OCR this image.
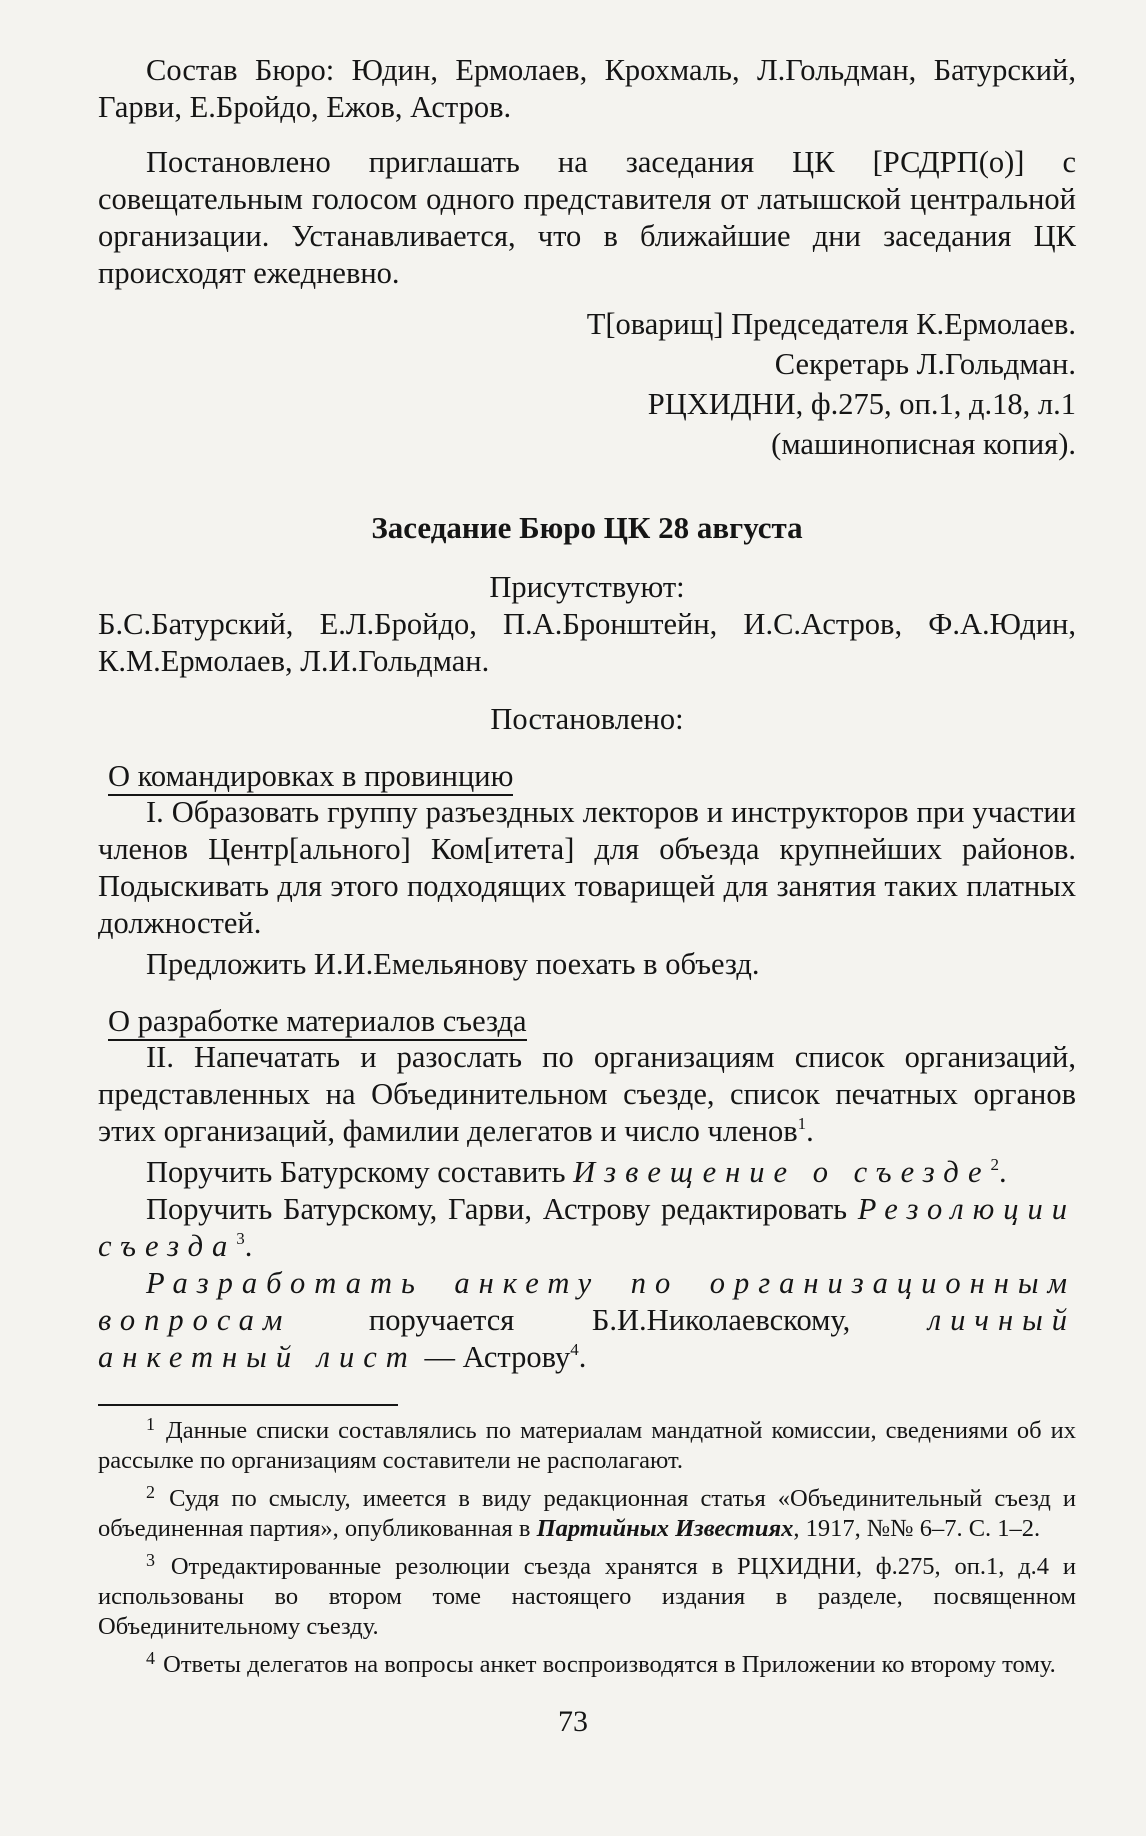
Состав Бюро: Юдин, Ермолаев, Крохмаль, Л.Гольдман, Батурский, Гарви, Е.Бройдо, Ежов, Астров.

Постановлено приглашать на заседания ЦК [РСДРП(о)] с совещательным голосом одного представителя от латышской центральной организации. Устанавливается, что в ближайшие дни заседания ЦК происходят ежедневно.

Т[оварищ] Председателя К.Ермолаев.

Секретарь Л.Гольдман.

РЦХИДНИ, ф.275, оп.1, д.18, л.1

(машинописная копия).

Заседание Бюро ЦК 28 августа

Присутствуют:

Б.С.Батурский, Е.Л.Бройдо, П.А.Бронштейн, И.С.Астров, Ф.А.Юдин, К.М.Ермолаев, Л.И.Гольдман.

Постановлено:

О командировках в провинцию

I. Образовать группу разъездных лекторов и инструкторов при участии членов Центр[ального] Ком[итета] для объезда крупнейших районов. Подыскивать для этого подходящих товарищей для занятия таких платных должностей.

Предложить И.И.Емельянову поехать в объезд.

О разработке материалов съезда

II. Напечатать и разослать по организациям список организаций, представленных на Объединительном съезде, список печатных органов этих организаций, фамилии делегатов и число членов$^1$.

Поручить Батурскому составить Извещение о съезде$^2$.

Поручить Батурскому, Гарви, Астрову редактировать Резолюции съезда$^3$.

Разработать анкету по организационным вопросам поручается Б.И.Николаевскому, личный анкетный лист — Астрову$^4$.

$^1$ Данные списки составлялись по материалам мандатной комиссии, сведениями об их рассылке по организациям составители не располагают.

$^2$ Судя по смыслу, имеется в виду редакционная статья «Объединительный съезд и объединенная партия», опубликованная в Партийных Известиях, 1917, №№ 6–7. С. 1–2.

$^3$ Отредактированные резолюции съезда хранятся в РЦХИДНИ, ф.275, оп.1, д.4 и использованы во втором томе настоящего издания в разделе, посвященном Объединительному съезду.

$^4$ Ответы делегатов на вопросы анкет воспроизводятся в Приложении ко второму тому.

73
